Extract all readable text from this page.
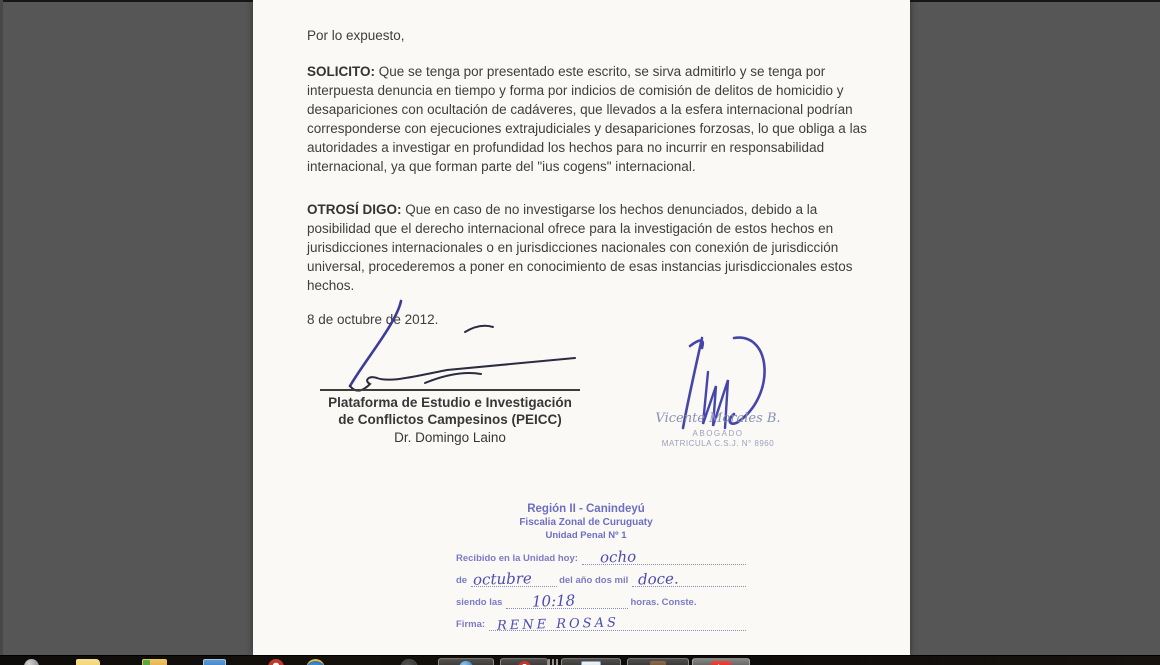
Por lo expuesto,

SOLICITO: Que se tenga por presentado este escrito, se sirva admitirlo y se tenga por interpuesta denuncia en tiempo y forma por indicios de comisión de delitos de homicidio y desapariciones con ocultación de cadáveres, que llevados a la esfera internacional podrían corresponderse con ejecuciones extrajudiciales y desapariciones forzosas, lo que obliga a las autoridades a investigar en profundidad los hechos para no incurrir en responsabilidad internacional, ya que forman parte del "ius cogens" internacional.

OTROSÍ DIGO: Que en caso de no investigarse los hechos denunciados, debido a la posibilidad que el derecho internacional ofrece para la investigación de estos hechos en jurisdicciones internacionales o en jurisdicciones nacionales con conexión de jurisdicción universal, procederemos a poner en conocimiento de esas instancias jurisdiccionales estos hechos.

8 de octubre de 2012.

Plataforma de Estudio e Investigación
de Conflictos Campesinos (PEICC)
Dr. Domingo Laino
Vicente Morales B.
ABOGADO
MATRICULA C.S.J. N° 8960
Región II - Canindeyú
Fiscalia Zonal de Curuguaty
Unidad Penal Nº 1
Recibido en la Unidad hoy: ocho
de octubre	del año dos mil doce.
siendo las 10:18	horas. Conste.
Firma: RENE ROSAS
